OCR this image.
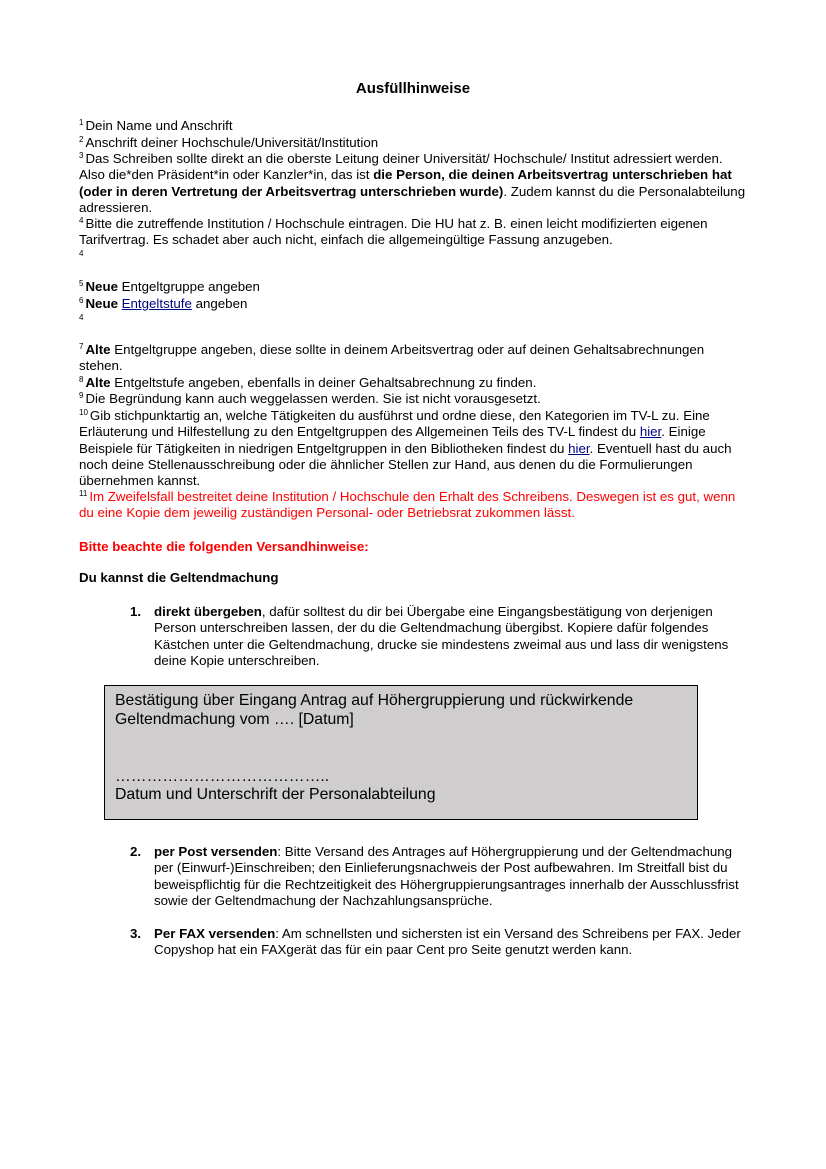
Ausfüllhinweise
$^1$ Dein Name und Anschrift
$^2$ Anschrift deiner Hochschule/Universität/Institution
$^3$ Das Schreiben sollte direkt an die oberste Leitung deiner Universität/ Hochschule/ Institut adressiert werden. Also die*den Präsident*in oder Kanzler*in, das ist die Person, die deinen Arbeitsvertrag unterschrieben hat (oder in deren Vertretung der Arbeitsvertrag unterschrieben wurde). Zudem kannst du die Personalabteilung adressieren.
$^4$ Bitte die zutreffende Institution / Hochschule eintragen. Die HU hat z. B. einen leicht modifizierten eigenen Tarifvertrag. Es schadet aber auch nicht, einfach die allgemeingültige Fassung anzugeben.
4
$^5$ Neue Entgeltgruppe angeben
$^6$ Neue Entgeltstufe angeben
4
$^7$ Alte Entgeltgruppe angeben, diese sollte in deinem Arbeitsvertrag oder auf deinen Gehaltsabrechnungen stehen.
$^8$ Alte Entgeltstufe angeben, ebenfalls in deiner Gehaltsabrechnung zu finden.
$^9$ Die Begründung kann auch weggelassen werden. Sie ist nicht vorausgesetzt.
$^{10}$ Gib stichpunktartig an, welche Tätigkeiten du ausführst und ordne diese, den Kategorien im TV-L zu. Eine Erläuterung und Hilfestellung zu den Entgeltgruppen des Allgemeinen Teils des TV-L findest du hier. Einige Beispiele für Tätigkeiten in niedrigen Entgeltgruppen in den Bibliotheken findest du hier. Eventuell hast du auch noch deine Stellenausschreibung oder die ähnlicher Stellen zur Hand, aus denen du die Formulierungen übernehmen kannst.
$^{11}$ Im Zweifelsfall bestreitet deine Institution / Hochschule den Erhalt des Schreibens. Deswegen ist es gut, wenn du eine Kopie dem jeweilig zuständigen Personal- oder Betriebsrat zukommen lässt.
Bitte beachte die folgenden Versandhinweise:
Du kannst die Geltendmachung
1. direkt übergeben, dafür solltest du dir bei Übergabe eine Eingangsbestätigung von derjenigen Person unterschreiben lassen, der du die Geltendmachung übergibst. Kopiere dafür folgendes Kästchen unter die Geltendmachung, drucke sie mindestens zweimal aus und lass dir wenigstens deine Kopie unterschreiben.
Bestätigung über Eingang Antrag auf Höhergruppierung und rückwirkende Geltendmachung vom …. [Datum]
…………………………………..
Datum und Unterschrift der Personalabteilung
2. per Post versenden: Bitte Versand des Antrages auf Höhergruppierung und der Geltendmachung per (Einwurf-)Einschreiben; den Einlieferungsnachweis der Post aufbewahren. Im Streitfall bist du beweispflichtig für die Rechtzeitigkeit des Höhergruppierungsantrages innerhalb der Ausschlussfrist sowie der Geltendmachung der Nachzahlungsansprüche.
3. Per FAX versenden: Am schnellsten und sichersten ist ein Versand des Schreibens per FAX. Jeder Copyshop hat ein FAXgerät das für ein paar Cent pro Seite genutzt werden kann.
